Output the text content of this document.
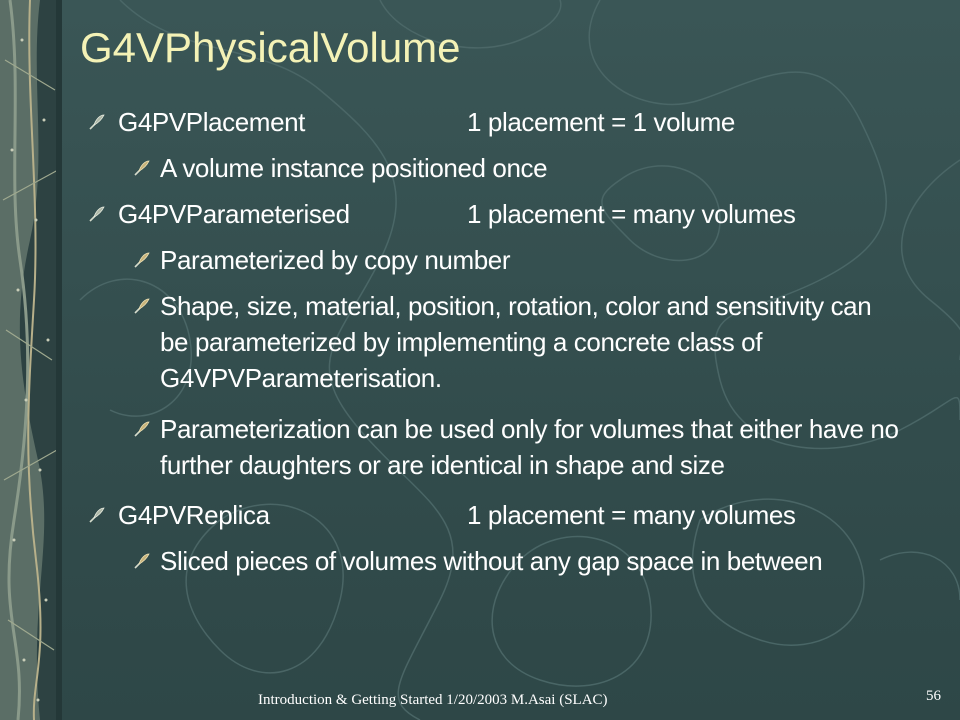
G4VPhysicalVolume
G4PVPlacement	1 placement = 1 volume
A volume instance positioned once
G4PVParameterised	1 placement = many volumes
Parameterized by copy number
Shape, size, material, position, rotation, color and sensitivity can
be parameterized by implementing a concrete class of
G4VPVParameterisation.
Parameterization can be used only for volumes that either have no
further daughters or are identical in shape and size
G4PVReplica	1 placement = many volumes
Sliced pieces of volumes without any gap space in between
Introduction & Getting Started 1/20/2003 M.Asai (SLAC)	56
